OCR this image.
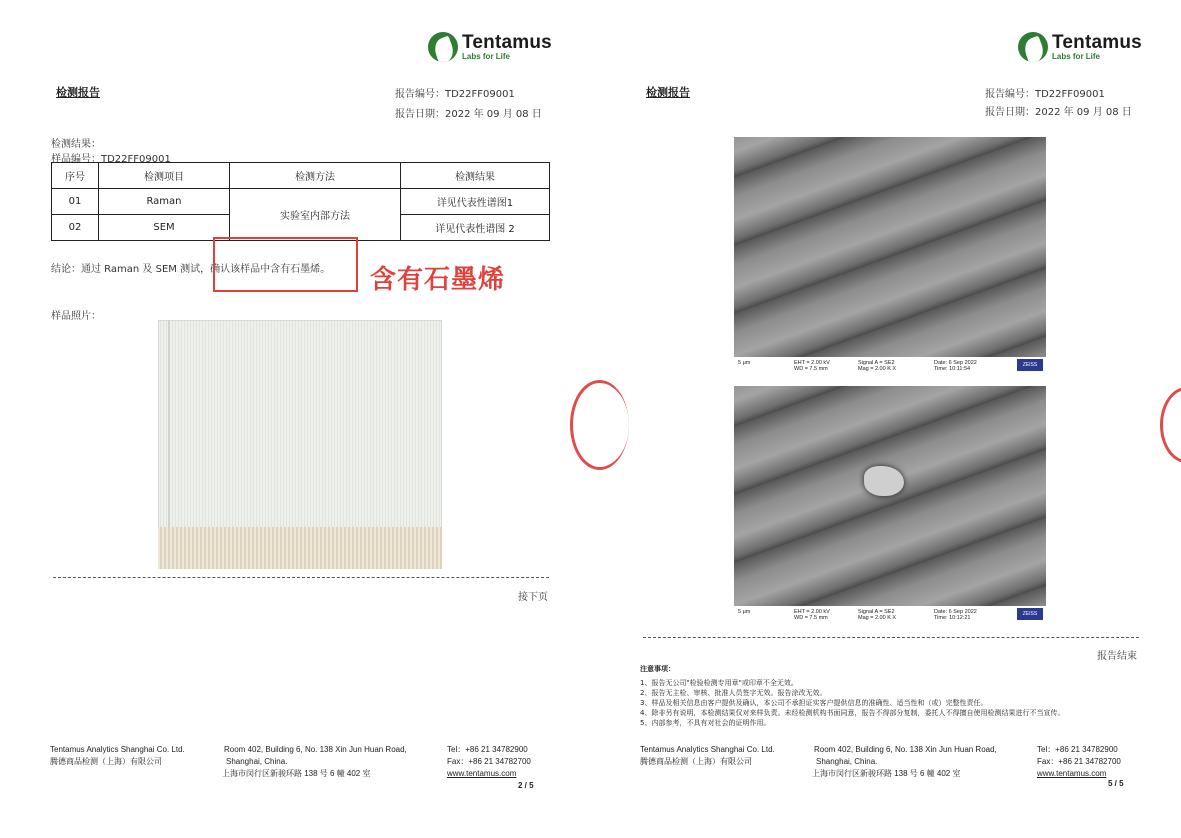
Tentamus
Labs for Life
检测报告	报告编号：TD22FF09001
报告日期：2022 年 09 月 08 日
检测结果：
样品编号：TD22FF09001
序号	检测项目	检测方法	检测结果
01	Raman	实验室内部方法	详见代表性谱图1
02	SEM		详见代表性谱图 2
结论：通过 Raman 及 SEM 测试，确认该样品中含有石墨烯。 含有石墨烯
样品照片：
接下页
Tentamus Analytics Shanghai Co. Ltd.
腾德商品检测（上海）有限公司
Room 402, Building 6, No. 138 Xin Jun Huan Road,
Shanghai, China.
上海市闵行区新骏环路 138 号 6 幢 402 室
Tel：+86 21 34782900
Fax：+86 21 34782700
www.tentamus.com
2 / 5
Tentamus
Labs for Life
检测报告	报告编号：TD22FF09001
报告日期：2022 年 09 月 08 日
5 μm	EHT = 2.00 kV
WD = 7.5 mm
Signal A = SE2
Mag = 2.00 K X
Date: 6 Sep 2022
Time: 10:11:54
ZEISS
5 μm	EHT = 2.00 kV
WD = 7.5 mm
Signal A = SE2
Mag = 2.00 K X
Date: 6 Sep 2022
Time: 10:12:21
ZEISS
报告结束
注意事项：
1、报告无公司"检验检测专用章"或印章不全无效。
2、报告无主检、审核、批准人员签字无效。报告涂改无效。
3、样品及相关信息由客户提供及确认，本公司不承担证实客户提供信息的准确性、适当性和（或）完整性责任。
4、除非另有说明，本检测结果仅对来样负责。未经检测机构书面同意，报告不得部分复制，委托人不得擅自使用检测结果进行不当宣传。
5、内部参考，不具有对社会的证明作用。
Tentamus Analytics Shanghai Co. Ltd.
腾德商品检测（上海）有限公司
Room 402, Building 6, No. 138 Xin Jun Huan Road,
Shanghai, China.
上海市闵行区新骏环路 138 号 6 幢 402 室
Tel：+86 21 34782900
Fax：+86 21 34782700
www.tentamus.com
5 / 5
